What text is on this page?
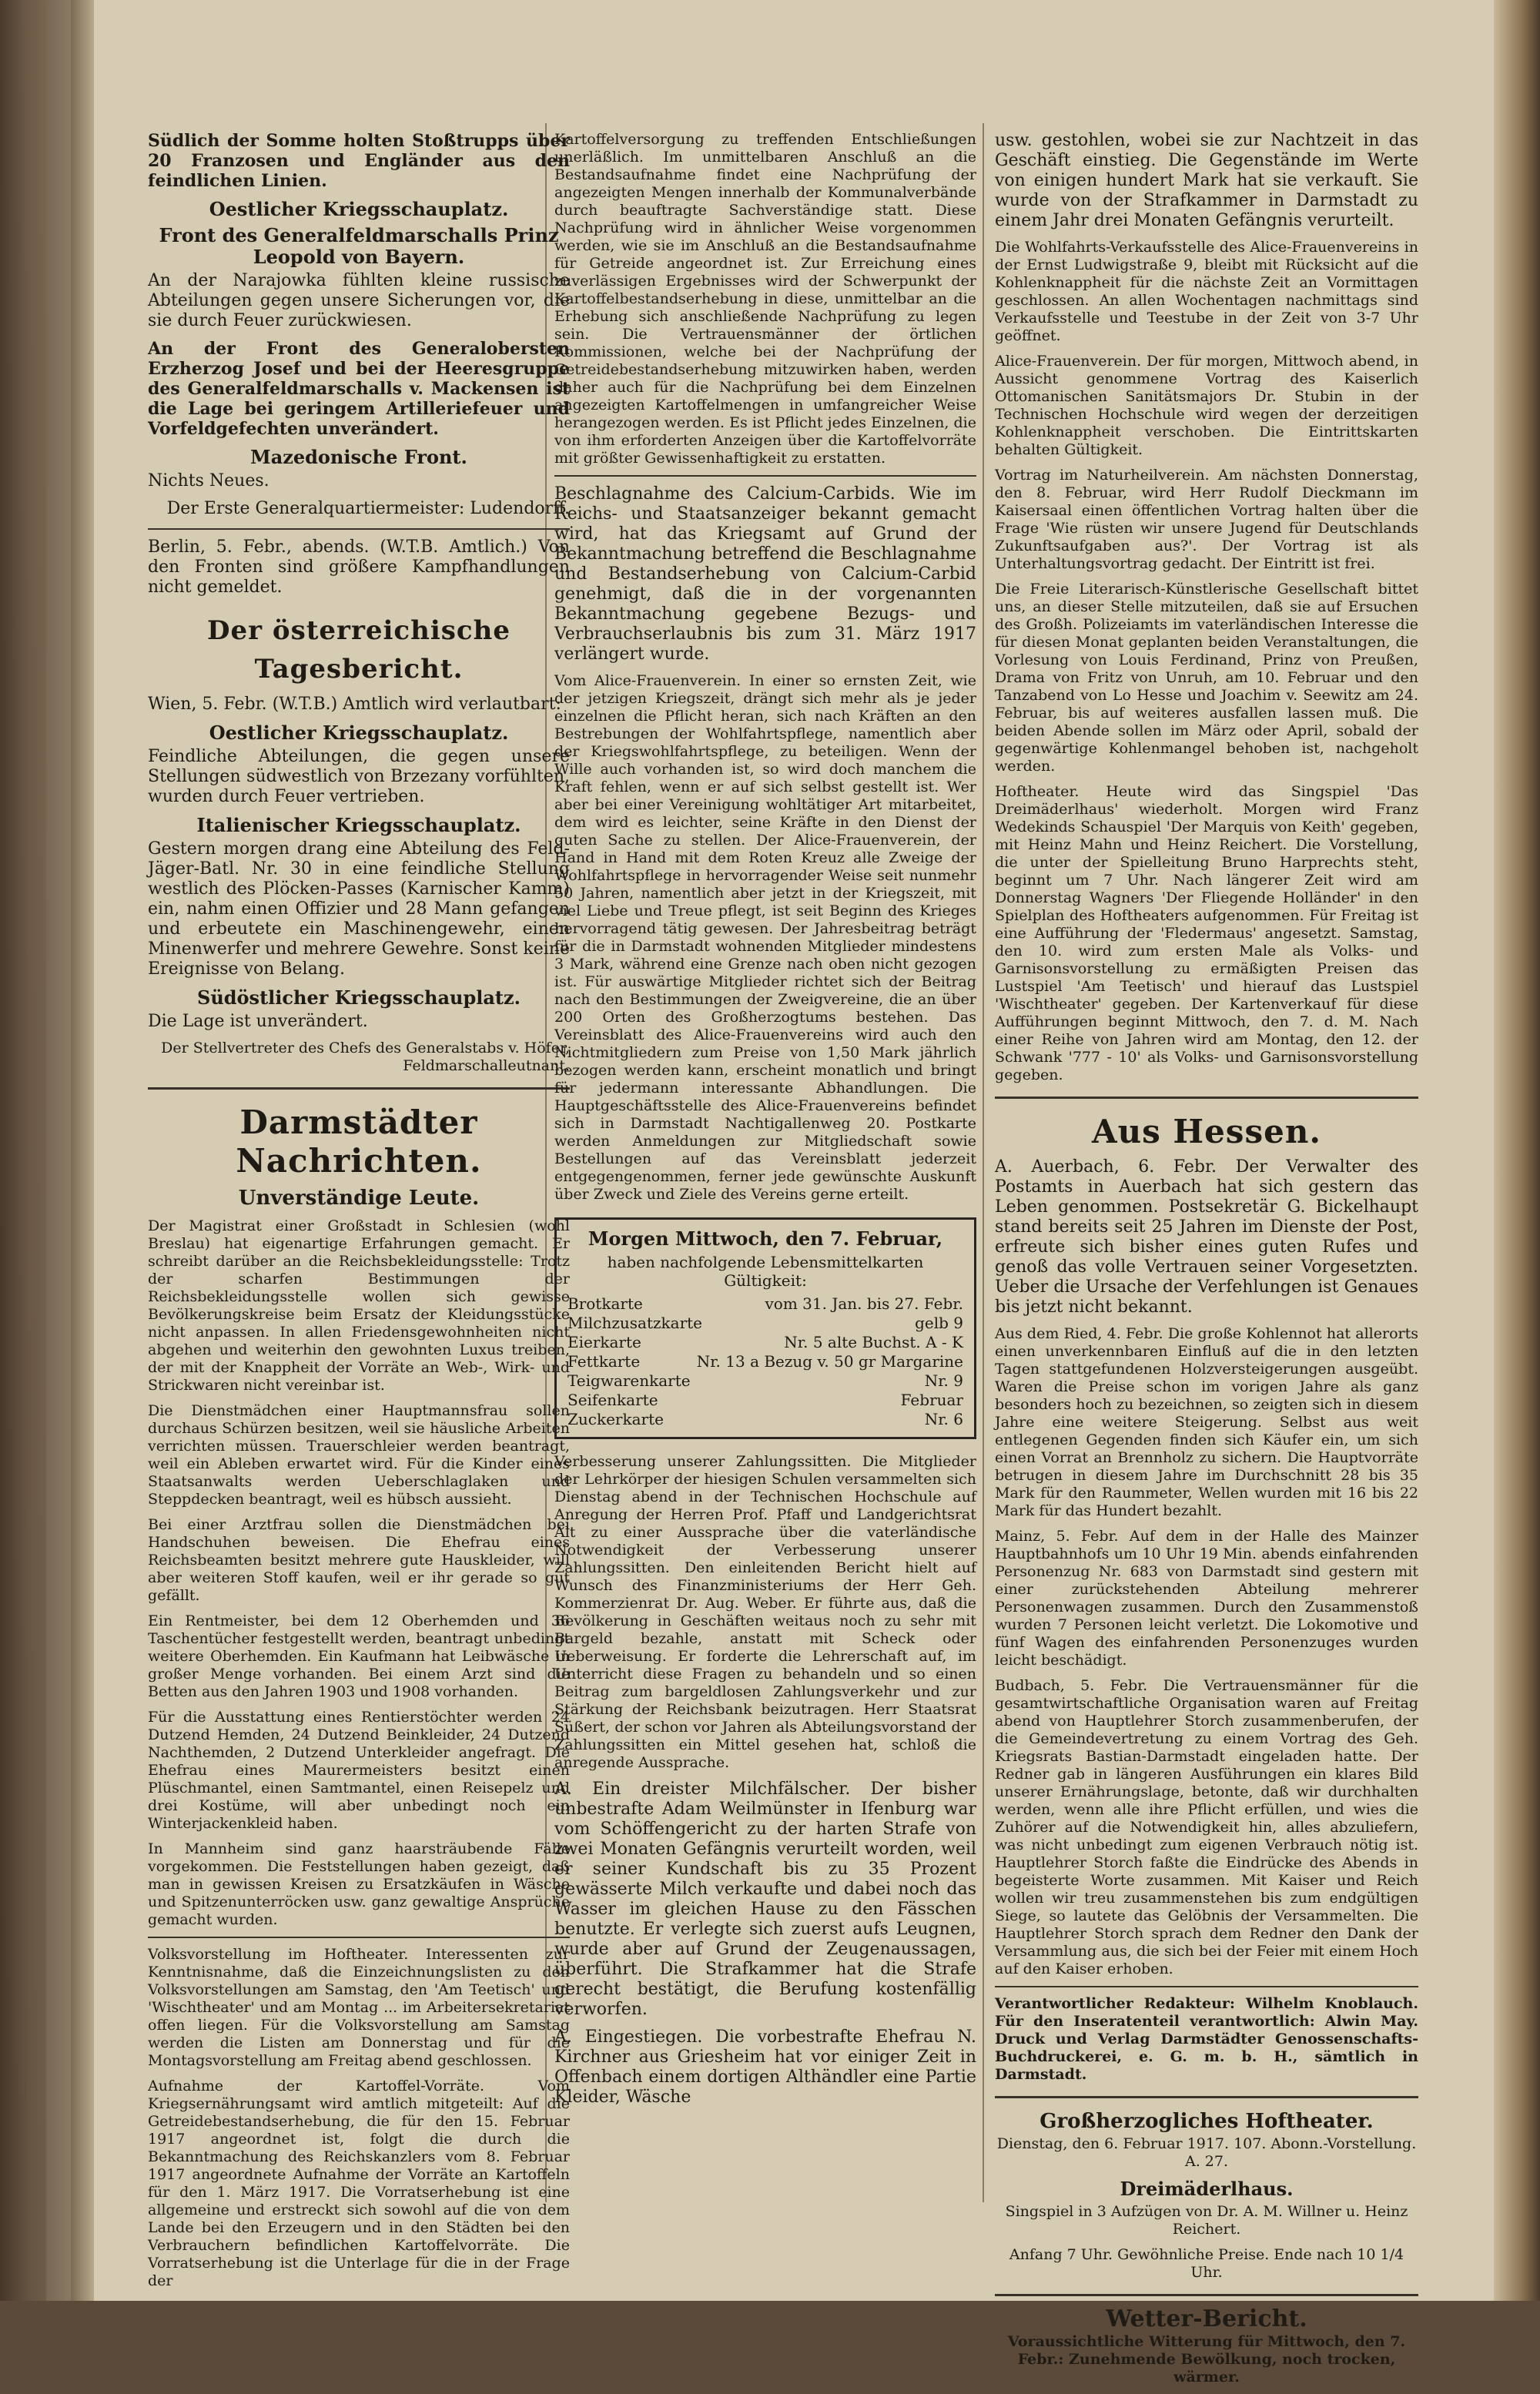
Südlich der Somme holten Stoßtrupps über 20 Franzosen und Engländer aus den feindlichen Linien.

Oestlicher Kriegsschauplatz.
Front des Generalfeldmarschalls Prinz Leopold von Bayern.

An der Narajowka fühlten kleine russische Abteilungen gegen unsere Sicherungen vor, die sie durch Feuer zurückwiesen.

An der Front des Generalobersten Erzherzog Josef und bei der Heeresgruppe des Generalfeldmarschalls v. Mackensen ist die Lage bei geringem Artilleriefeuer und Vorfeldgefechten unverändert.

Mazedonische Front.

Nichts Neues.

Der Erste Generalquartiermeister: Ludendorff.

Berlin, 5. Febr., abends. (W.T.B. Amtlich.) Von den Fronten sind größere Kampfhandlungen nicht gemeldet.

Der österreichische Tagesbericht.

Wien, 5. Febr. (W.T.B.) Amtlich wird verlautbart:

Oestlicher Kriegsschauplatz.

Feindliche Abteilungen, die gegen unsere Stellungen südwestlich von Brzezany vorfühlten, wurden durch Feuer vertrieben.

Italienischer Kriegsschauplatz.

Gestern morgen drang eine Abteilung des Feld-Jäger-Batl. Nr. 30 in eine feindliche Stellung westlich des Plöcken-Passes (Karnischer Kamm) ein, nahm einen Offizier und 28 Mann gefangen und erbeutete ein Maschinengewehr, einen Minenwerfer und mehrere Gewehre. Sonst keine Ereignisse von Belang.

Südöstlicher Kriegsschauplatz.

Die Lage ist unverändert.

Der Stellvertreter des Chefs des Generalstabs v. Höfer, Feldmarschalleutnant.
Darmstädter Nachrichten.
Unverständige Leute.

Der Magistrat einer Großstadt in Schlesien (wohl Breslau) hat eigenartige Erfahrungen gemacht. Er schreibt darüber an die Reichsbekleidungsstelle: Trotz der scharfen Bestimmungen der Reichsbekleidungsstelle wollen sich gewisse Bevölkerungskreise beim Ersatz der Kleidungsstücke nicht anpassen. In allen Friedensgewohnheiten nicht abgehen und weiterhin den gewohnten Luxus treiben, der mit der Knappheit der Vorräte an Web-, Wirk- und Strickwaren nicht vereinbar ist.

Die Dienstmädchen einer Hauptmannsfrau sollen durchaus Schürzen besitzen, weil sie häusliche Arbeiten verrichten müssen. Trauerschleier werden beantragt, weil ein Ableben erwartet wird. Für die Kinder eines Staatsanwalts werden Ueberschlaglaken und Steppdecken beantragt, weil es hübsch aussieht.

Bei einer Arztfrau sollen die Dienstmädchen bei Handschuhen beweisen. Die Ehefrau eines Reichsbeamten besitzt mehrere gute Hauskleider, will aber weiteren Stoff kaufen, weil er ihr gerade so gut gefällt.

Ein Rentmeister, bei dem 12 Oberhemden und 36 Taschentücher festgestellt werden, beantragt unbedingt weitere Oberhemden. Ein Kaufmann hat Leibwäsche in großer Menge vorhanden. Bei einem Arzt sind die Betten aus den Jahren 1903 und 1908 vorhanden.

Für die Ausstattung eines Rentierstöchter werden 24 Dutzend Hemden, 24 Dutzend Beinkleider, 24 Dutzend Nachthemden, 2 Dutzend Unterkleider angefragt. Die Ehefrau eines Maurermeisters besitzt einen Plüschmantel, einen Samtmantel, einen Reisepelz und drei Kostüme, will aber unbedingt noch ein Winterjackenkleid haben.

In Mannheim sind ganz haarsträubende Fälle vorgekommen. Die Feststellungen haben gezeigt, daß man in gewissen Kreisen zu Ersatzkäufen in Wäsche und Spitzenunterröcken usw. ganz gewaltige Ansprüche gemacht wurden.

Volksvorstellung im Hoftheater. Interessenten zur Kenntnisnahme, daß die Einzeichnungslisten zu den Volksvorstellungen am Samstag, den 'Am Teetisch' und 'Wischtheater' und am Montag ... im Arbeitersekretariat offen liegen. Für die Volksvorstellung am Samstag werden die Listen am Donnerstag und für die Montagsvorstellung am Freitag abend geschlossen.

Aufnahme der Kartoffel-Vorräte. Vom Kriegsernährungsamt wird amtlich mitgeteilt: Auf die Getreidebestandserhebung, die für den 15. Februar 1917 angeordnet ist, folgt die durch die Bekanntmachung des Reichskanzlers vom 8. Februar 1917 angeordnete Aufnahme der Vorräte an Kartoffeln für den 1. März 1917. Die Vorratserhebung ist eine allgemeine und erstreckt sich sowohl auf die von dem Lande bei den Erzeugern und in den Städten bei den Verbrauchern befindlichen Kartoffelvorräte. Die Vorratserhebung ist die Unterlage für die in der Frage der

Kartoffelversorgung zu treffenden Entschließungen unerläßlich. Im unmittelbaren Anschluß an die Bestandsaufnahme findet eine Nachprüfung der angezeigten Mengen innerhalb der Kommunalverbände durch beauftragte Sachverständige statt. Diese Nachprüfung wird in ähnlicher Weise vorgenommen werden, wie sie im Anschluß an die Bestandsaufnahme für Getreide angeordnet ist. Zur Erreichung eines zuverlässigen Ergebnisses wird der Schwerpunkt der Kartoffelbestandserhebung in diese, unmittelbar an die Erhebung sich anschließende Nachprüfung zu legen sein. Die Vertrauensmänner der örtlichen Kommissionen, welche bei der Nachprüfung der Getreidebestandserhebung mitzuwirken haben, werden daher auch für die Nachprüfung bei dem Einzelnen angezeigten Kartoffelmengen in umfangreicher Weise herangezogen werden. Es ist Pflicht jedes Einzelnen, die von ihm erforderten Anzeigen über die Kartoffelvorräte mit größter Gewissenhaftigkeit zu erstatten.

Beschlagnahme des Calcium-Carbids. Wie im Reichs- und Staatsanzeiger bekannt gemacht wird, hat das Kriegsamt auf Grund der Bekanntmachung betreffend die Beschlagnahme und Bestandserhebung von Calcium-Carbid genehmigt, daß die in der vorgenannten Bekanntmachung gegebene Bezugs- und Verbrauchserlaubnis bis zum 31. März 1917 verlängert wurde.

Vom Alice-Frauenverein. In einer so ernsten Zeit, wie der jetzigen Kriegszeit, drängt sich mehr als je jeder einzelnen die Pflicht heran, sich nach Kräften an den Bestrebungen der Wohlfahrtspflege, namentlich aber der Kriegswohlfahrtspflege, zu beteiligen. Wenn der Wille auch vorhanden ist, so wird doch manchem die Kraft fehlen, wenn er auf sich selbst gestellt ist. Wer aber bei einer Vereinigung wohltätiger Art mitarbeitet, dem wird es leichter, seine Kräfte in den Dienst der guten Sache zu stellen. Der Alice-Frauenverein, der Hand in Hand mit dem Roten Kreuz alle Zweige der Wohlfahrtspflege in hervorragender Weise seit nunmehr 50 Jahren, namentlich aber jetzt in der Kriegszeit, mit viel Liebe und Treue pflegt, ist seit Beginn des Krieges hervorragend tätig gewesen. Der Jahresbeitrag beträgt für die in Darmstadt wohnenden Mitglieder mindestens 3 Mark, während eine Grenze nach oben nicht gezogen ist. Für auswärtige Mitglieder richtet sich der Beitrag nach den Bestimmungen der Zweigvereine, die an über 200 Orten des Großherzogtums bestehen. Das Vereinsblatt des Alice-Frauenvereins wird auch den Nichtmitgliedern zum Preise von 1,50 Mark jährlich bezogen werden kann, erscheint monatlich und bringt für jedermann interessante Abhandlungen. Die Hauptgeschäftsstelle des Alice-Frauenvereins befindet sich in Darmstadt Nachtigallenweg 20. Postkarte werden Anmeldungen zur Mitgliedschaft sowie Bestellungen auf das Vereinsblatt jederzeit entgegengenommen, ferner jede gewünschte Auskunft über Zweck und Ziele des Vereins gerne erteilt.

Morgen Mittwoch, den 7. Februar,
haben nachfolgende Lebensmittelkarten Gültigkeit:
Brotkarte	vom 31. Jan. bis 27. Febr.
Milchzusatzkarte	gelb 9
Eierkarte	Nr. 5 alte Buchst. A - K
Fettkarte	Nr. 13 a Bezug v. 50 gr Margarine
Teigwarenkarte	Nr. 9
Seifenkarte	Februar
Zuckerkarte	Nr. 6

Verbesserung unserer Zahlungssitten. Die Mitglieder der Lehrkörper der hiesigen Schulen versammelten sich Dienstag abend in der Technischen Hochschule auf Anregung der Herren Prof. Pfaff und Landgerichtsrat Alt zu einer Aussprache über die vaterländische Notwendigkeit der Verbesserung unserer Zahlungssitten. Den einleitenden Bericht hielt auf Wunsch des Finanzministeriums der Herr Geh. Kommerzienrat Dr. Aug. Weber. Er führte aus, daß die Bevölkerung in Geschäften weitaus noch zu sehr mit Bargeld bezahle, anstatt mit Scheck oder Ueberweisung. Er forderte die Lehrerschaft auf, im Unterricht diese Fragen zu behandeln und so einen Beitrag zum bargeldlosen Zahlungsverkehr und zur Stärkung der Reichsbank beizutragen. Herr Staatsrat Süßert, der schon vor Jahren als Abteilungsvorstand der Zahlungssitten ein Mittel gesehen hat, schloß die anregende Aussprache.

A. Ein dreister Milchfälscher. Der bisher unbestrafte Adam Weilmünster in Ifenburg war vom Schöffengericht zu der harten Strafe von zwei Monaten Gefängnis verurteilt worden, weil er seiner Kundschaft bis zu 35 Prozent gewässerte Milch verkaufte und dabei noch das Wasser im gleichen Hause zu den Fässchen benutzte. Er verlegte sich zuerst aufs Leugnen, wurde aber auf Grund der Zeugenaussagen, überführt. Die Strafkammer hat die Strafe gerecht bestätigt, die Berufung kostenfällig verworfen.

A. Eingestiegen. Die vorbestrafte Ehefrau N. Kirchner aus Griesheim hat vor einiger Zeit in Offenbach einem dortigen Althändler eine Partie Kleider, Wäsche

usw. gestohlen, wobei sie zur Nachtzeit in das Geschäft einstieg. Die Gegenstände im Werte von einigen hundert Mark hat sie verkauft. Sie wurde von der Strafkammer in Darmstadt zu einem Jahr drei Monaten Gefängnis verurteilt.

Die Wohlfahrts-Verkaufsstelle des Alice-Frauenvereins in der Ernst Ludwigstraße 9, bleibt mit Rücksicht auf die Kohlenknappheit für die nächste Zeit an Vormittagen geschlossen. An allen Wochentagen nachmittags sind Verkaufsstelle und Teestube in der Zeit von 3-7 Uhr geöffnet.

Alice-Frauenverein. Der für morgen, Mittwoch abend, in Aussicht genommene Vortrag des Kaiserlich Ottomanischen Sanitätsmajors Dr. Stubin in der Technischen Hochschule wird wegen der derzeitigen Kohlenknappheit verschoben. Die Eintrittskarten behalten Gültigkeit.

Vortrag im Naturheilverein. Am nächsten Donnerstag, den 8. Februar, wird Herr Rudolf Dieckmann im Kaisersaal einen öffentlichen Vortrag halten über die Frage 'Wie rüsten wir unsere Jugend für Deutschlands Zukunftsaufgaben aus?'. Der Vortrag ist als Unterhaltungsvortrag gedacht. Der Eintritt ist frei.

Die Freie Literarisch-Künstlerische Gesellschaft bittet uns, an dieser Stelle mitzuteilen, daß sie auf Ersuchen des Großh. Polizeiamts im vaterländischen Interesse die für diesen Monat geplanten beiden Veranstaltungen, die Vorlesung von Louis Ferdinand, Prinz von Preußen, Drama von Fritz von Unruh, am 10. Februar und den Tanzabend von Lo Hesse und Joachim v. Seewitz am 24. Februar, bis auf weiteres ausfallen lassen muß. Die beiden Abende sollen im März oder April, sobald der gegenwärtige Kohlenmangel behoben ist, nachgeholt werden.

Hoftheater. Heute wird das Singspiel 'Das Dreimäderlhaus' wiederholt. Morgen wird Franz Wedekinds Schauspiel 'Der Marquis von Keith' gegeben, mit Heinz Mahn und Heinz Reichert. Die Vorstellung, die unter der Spielleitung Bruno Harprechts steht, beginnt um 7 Uhr. Nach längerer Zeit wird am Donnerstag Wagners 'Der Fliegende Holländer' in den Spielplan des Hoftheaters aufgenommen. Für Freitag ist eine Aufführung der 'Fledermaus' angesetzt. Samstag, den 10. wird zum ersten Male als Volks- und Garnisonsvorstellung zu ermäßigten Preisen das Lustspiel 'Am Teetisch' und hierauf das Lustspiel 'Wischtheater' gegeben. Der Kartenverkauf für diese Aufführungen beginnt Mittwoch, den 7. d. M. Nach einer Reihe von Jahren wird am Montag, den 12. der Schwank '777 - 10' als Volks- und Garnisonsvorstellung gegeben.

Aus Hessen.

A. Auerbach, 6. Febr. Der Verwalter des Postamts in Auerbach hat sich gestern das Leben genommen. Postsekretär G. Bickelhaupt stand bereits seit 25 Jahren im Dienste der Post, erfreute sich bisher eines guten Rufes und genoß das volle Vertrauen seiner Vorgesetzten. Ueber die Ursache der Verfehlungen ist Genaues bis jetzt nicht bekannt.

Aus dem Ried, 4. Febr. Die große Kohlennot hat allerorts einen unverkennbaren Einfluß auf die in den letzten Tagen stattgefundenen Holzversteigerungen ausgeübt. Waren die Preise schon im vorigen Jahre als ganz besonders hoch zu bezeichnen, so zeigten sich in diesem Jahre eine weitere Steigerung. Selbst aus weit entlegenen Gegenden finden sich Käufer ein, um sich einen Vorrat an Brennholz zu sichern. Die Hauptvorräte betrugen in diesem Jahre im Durchschnitt 28 bis 35 Mark für den Raummeter, Wellen wurden mit 16 bis 22 Mark für das Hundert bezahlt.

Mainz, 5. Febr. Auf dem in der Halle des Mainzer Hauptbahnhofs um 10 Uhr 19 Min. abends einfahrenden Personenzug Nr. 683 von Darmstadt sind gestern mit einer zurückstehenden Abteilung mehrerer Personenwagen zusammen. Durch den Zusammenstoß wurden 7 Personen leicht verletzt. Die Lokomotive und fünf Wagen des einfahrenden Personenzuges wurden leicht beschädigt.

Budbach, 5. Febr. Die Vertrauensmänner für die gesamtwirtschaftliche Organisation waren auf Freitag abend von Hauptlehrer Storch zusammenberufen, der die Gemeindevertretung zu einem Vortrag des Geh. Kriegsrats Bastian-Darmstadt eingeladen hatte. Der Redner gab in längeren Ausführungen ein klares Bild unserer Ernährungslage, betonte, daß wir durchhalten werden, wenn alle ihre Pflicht erfüllen, und wies die Zuhörer auf die Notwendigkeit hin, alles abzuliefern, was nicht unbedingt zum eigenen Verbrauch nötig ist. Hauptlehrer Storch faßte die Eindrücke des Abends in begeisterte Worte zusammen. Mit Kaiser und Reich wollen wir treu zusammenstehen bis zum endgültigen Siege, so lautete das Gelöbnis der Versammelten. Die Hauptlehrer Storch sprach dem Redner den Dank der Versammlung aus, die sich bei der Feier mit einem Hoch auf den Kaiser erhoben.

Verantwortlicher Redakteur: Wilhelm Knoblauch. Für den Inseratenteil verantwortlich: Alwin May. Druck und Verlag Darmstädter Genossenschafts-Buchdruckerei, e. G. m. b. H., sämtlich in Darmstadt.

Großherzogliches Hoftheater.

Dienstag, den 6. Februar 1917. 107. Abonn.-Vorstellung. A. 27.

Dreimäderlhaus.

Singspiel in 3 Aufzügen von Dr. A. M. Willner u. Heinz Reichert.

Anfang 7 Uhr. Gewöhnliche Preise. Ende nach 10 1/4 Uhr.

Wetter-Bericht.

Voraussichtliche Witterung für Mittwoch, den 7. Febr.: Zunehmende Bewölkung, noch trocken, wärmer.
